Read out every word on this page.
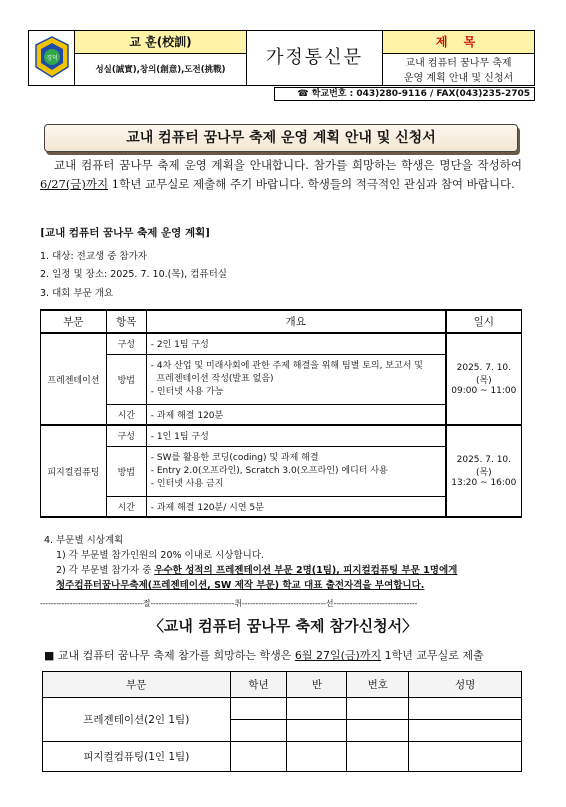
경덕
교 훈(校訓)
성실(誠實),창의(創意),도전(挑戰)
가정통신문
제 목
교내 컴퓨터 꿈나무 축제
운영 계획 안내 및 신청서
☎ 학교번호 : 043)280-9116 / FAX(043)235-2705
교내 컴퓨터 꿈나무 축제 운영 계획 안내 및 신청서
교내 컴퓨터 꿈나무 축제 운영 계획을 안내합니다. 참가를 희망하는 학생은 명단을 작성하여 6/27(금)까지 1학년 교무실로 제출해 주기 바랍니다. 학생들의 적극적인 관심과 참여 바랍니다.
[교내 컴퓨터 꿈나무 축제 운영 계획]
1. 대상: 전교생 중 참가자
2. 일정 및 장소: 2025. 7. 10.(목), 컴퓨터실
3. 대회 부문 개요
부문	항목	개요	일시
프레젠테이션	구성	- 2인 1팀 구성	2025. 7. 10.(목)
09:00 ~ 11:00

	방법	- 4차 산업 및 미래사회에 관한 주제 해결을 위해 팀별 토의, 보고서 및
프레젠테이션 작성(발표 없음)
- 인터넷 사용 가능	

	시간	- 과제 해결 120분	
피지컬컴퓨팅	구성	- 1인 1팀 구성	2025. 7. 10.(목)
13:20 ~ 16:00

	방법	- SW를 활용한 코딩(coding) 및 과제 해결
- Entry 2.0(오프라인), Scratch 3.0(오프라인) 에디터 사용
- 인터넷 사용 금지	

	시간	- 과제 해결 120분/ 시연 5분	
4. 부문별 시상계획
1) 각 부문별 참가인원의 20% 이내로 시상합니다.
2) 각 부문별 참가자 중 우수한 성적의 프레젠테이션 부문 2명(1팀), 피지컬컴퓨팅 부문 1명에게
청주컴퓨터꿈나무축제(프레젠테이션, SW 제작 부문) 학교 대표 출전자격을 부여합니다.
--------------------------------------절-------------------------------취-------------------------------선-------------------------------
〈교내 컴퓨터 꿈나무 축제 참가신청서〉
■ 교내 컴퓨터 꿈나무 축제 참가를 희망하는 학생은 6월 27일(금)까지 1학년 교무실로 제출
부문	학년	반	번호	성명
프레젠테이션(2인 1팀)				

피지컬컴퓨팅(1인 1팀)				
